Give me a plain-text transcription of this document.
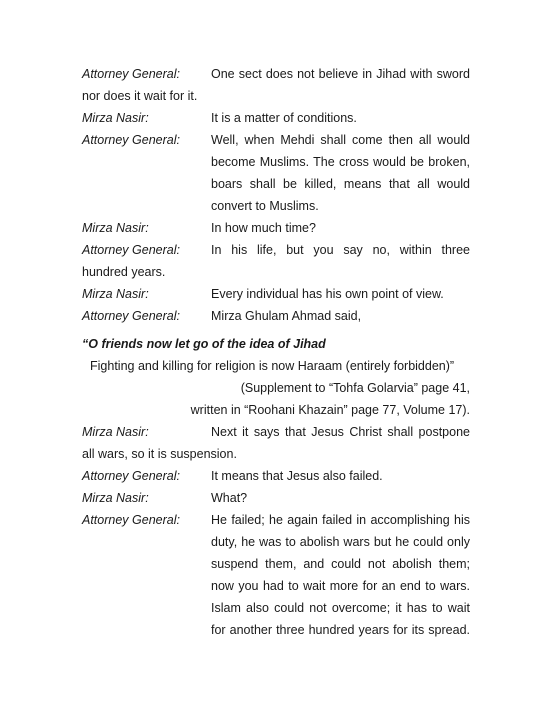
Attorney General: One sect does not believe in Jihad with sword
nor does it wait for it.
Mirza Nasir:	It is a matter of conditions.
Attorney General: Well, when Mehdi shall come then all would
become Muslims. The cross would be broken,
boars shall be killed, means that all would
convert to Muslims.
Mirza Nasir:	In how much time?
Attorney General: In his life, but you say no, within three
hundred years.
Mirza Nasir:	Every individual has his own point of view.
Attorney General: Mirza Ghulam Ahmad said,
“O friends now let go of the idea of Jihad
Fighting and killing for religion is now Haraam (entirely forbidden)”
(Supplement to “Tohfa Golarvia” page 41,
written in “Roohani Khazain” page 77, Volume 17).
Mirza Nasir:	Next it says that Jesus Christ shall postpone
all wars, so it is suspension.
Attorney General: It means that Jesus also failed.
Mirza Nasir:	What?
Attorney General: He failed; he again failed in accomplishing his
duty, he was to abolish wars but he could only
suspend them, and could not abolish them;
now you had to wait more for an end to wars.
Islam also could not overcome; it has to wait
for another three hundred years for its spread.
